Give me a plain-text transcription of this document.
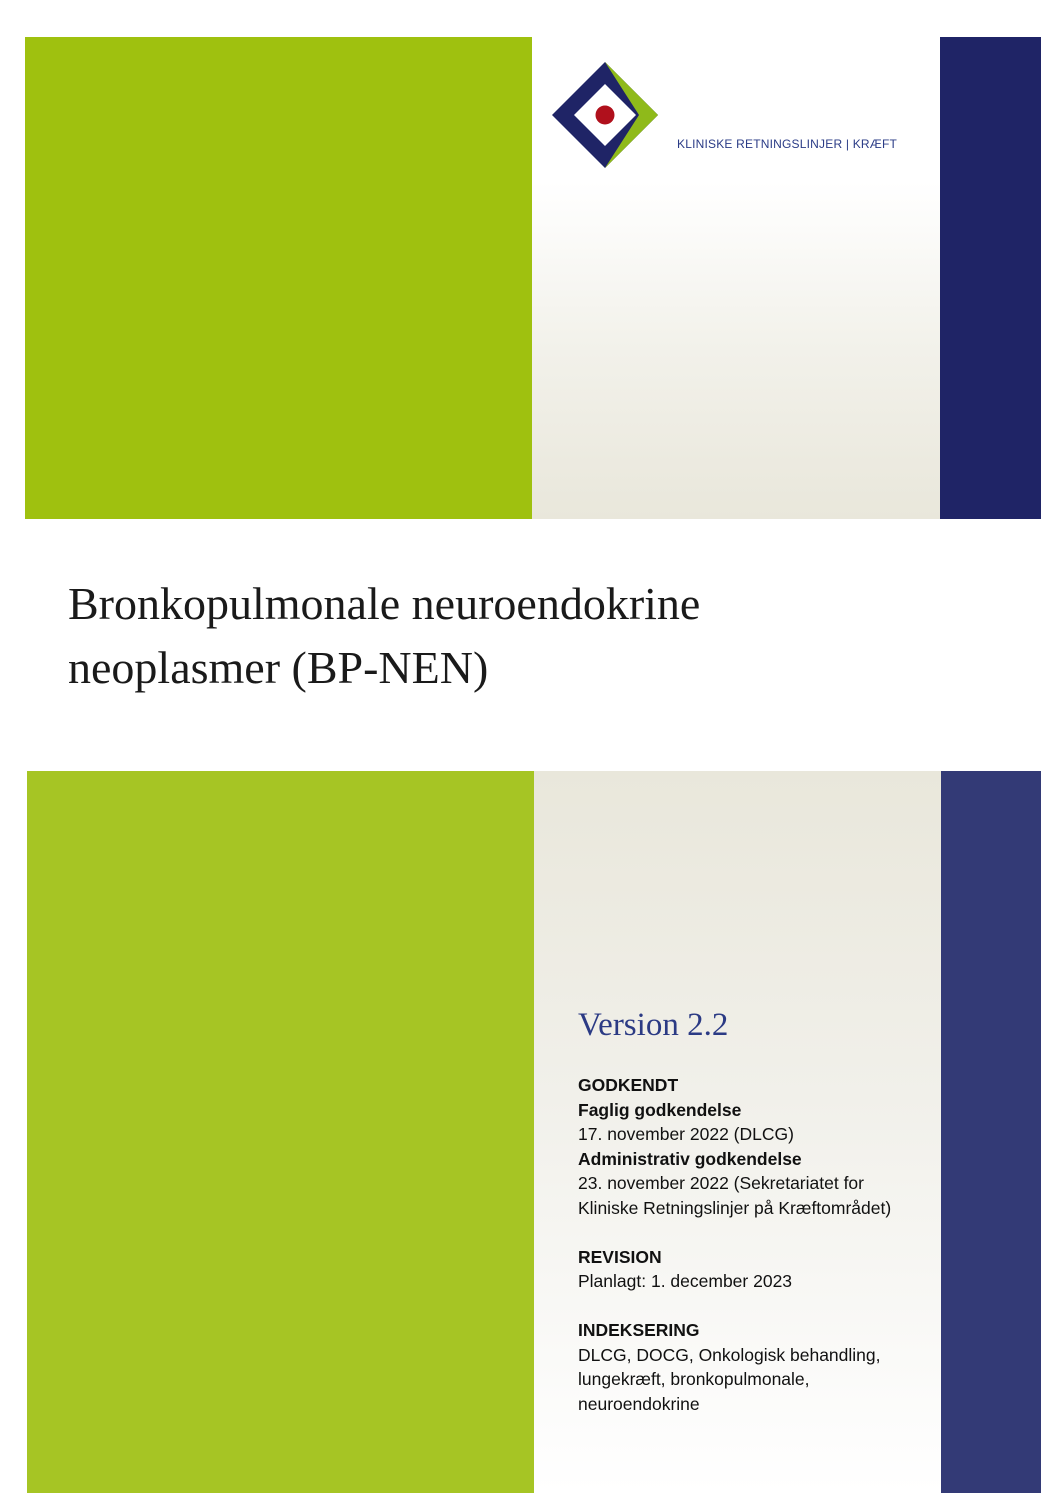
KLINISKE RETNINGSLINJER | KRÆFT
Bronkopulmonale neuroendokrine
neoplasmer (BP-NEN)
Version 2.2
GODKENDT
Faglig godkendelse
17. november 2022 (DLCG)
Administrativ godkendelse
23. november 2022 (Sekretariatet for
Kliniske Retningslinjer på Kræftområdet)
REVISION
Planlagt: 1. december 2023
INDEKSERING
DLCG, DOCG, Onkologisk behandling,
lungekræft, bronkopulmonale,
neuroendokrine
